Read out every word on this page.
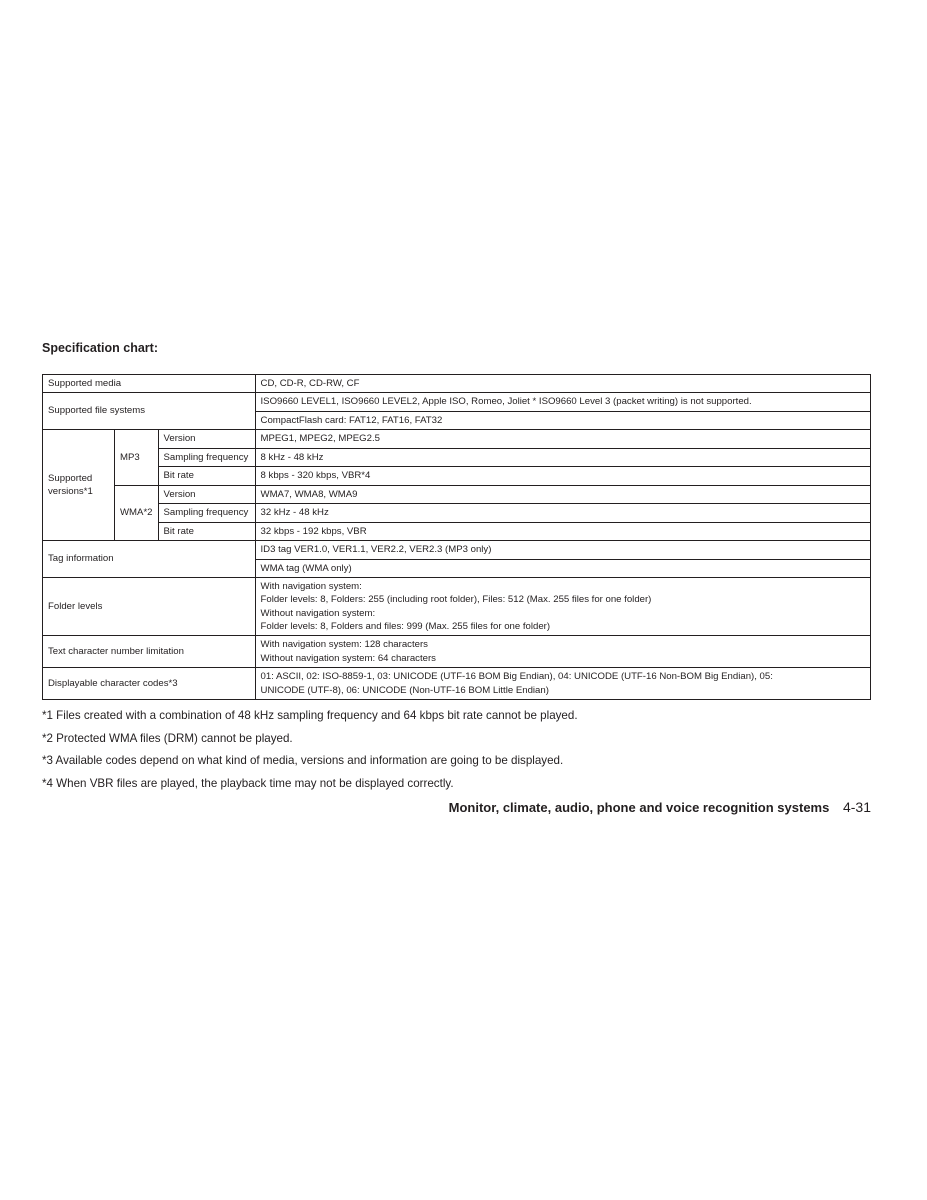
Specification chart:
Supported media			CD, CD-R, CD-RW, CF
Supported file systems			ISO9660 LEVEL1, ISO9660 LEVEL2, Apple ISO, Romeo, Joliet * ISO9660 Level 3 (packet writing) is not supported.
			CompactFlash card: FAT12, FAT16, FAT32

Supported
versions*1	MP3	Version	MPEG1, MPEG2, MPEG2.5
		Sampling frequency	8 kHz - 48 kHz
		Bit rate	8 kbps - 320 kbps, VBR*4
	WMA*2	Version	WMA7, WMA8, WMA9
		Sampling frequency	32 kHz - 48 kHz
		Bit rate	32 kbps - 192 kbps, VBR
Tag information			ID3 tag VER1.0, VER1.1, VER2.2, VER2.3 (MP3 only)
			WMA tag (WMA only)
Folder levels			With navigation system:
Folder levels: 8, Folders: 255 (including root folder), Files: 512 (Max. 255 files for one folder)
Without navigation system:
Folder levels: 8, Folders and files: 999 (Max. 255 files for one folder)

Text character number limitation			With navigation system: 128 characters
Without navigation system: 64 characters

Displayable character codes*3			01: ASCII, 02: ISO-8859-1, 03: UNICODE (UTF-16 BOM Big Endian), 04: UNICODE (UTF-16 Non-BOM Big Endian), 05:
UNICODE (UTF-8), 06: UNICODE (Non-UTF-16 BOM Little Endian)

*1 Files created with a combination of 48 kHz sampling frequency and 64 kbps bit rate cannot be played.

*2 Protected WMA files (DRM) cannot be played.

*3 Available codes depend on what kind of media, versions and information are going to be displayed.

*4 When VBR files are played, the playback time may not be displayed correctly.

Monitor, climate, audio, phone and voice recognition systems 4-31
